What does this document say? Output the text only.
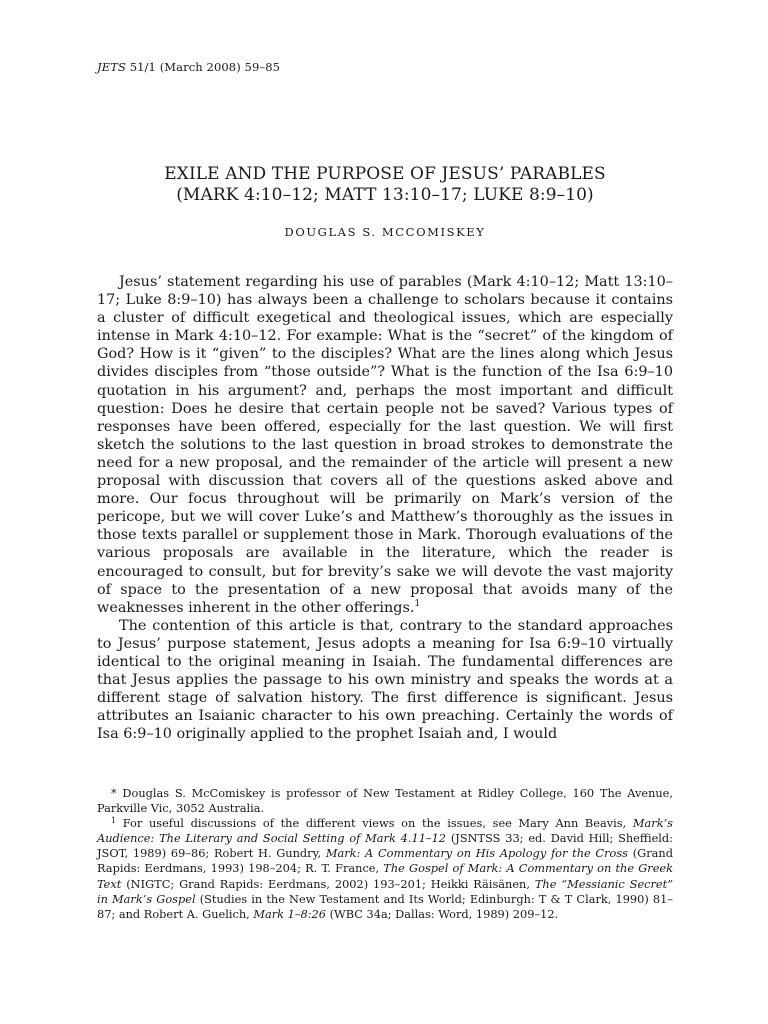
JETS 51/1 (March 2008) 59–85
EXILE AND THE PURPOSE OF JESUS’ PARABLES
(MARK 4:10–12; MATT 13:10–17; LUKE 8:9–10)
DOUGLAS S. MCCOMISKEY

Jesus’ statement regarding his use of parables (Mark 4:10–12; Matt 13:10–17; Luke 8:9–10) has always been a challenge to scholars because it contains a cluster of difficult exegetical and theological issues, which are especially intense in Mark 4:10–12. For example: What is the “secret” of the kingdom of God? How is it “given” to the disciples? What are the lines along which Jesus divides disciples from “those outside”? What is the function of the Isa 6:9–10 quotation in his argument? and, perhaps the most important and difficult question: Does he desire that certain people not be saved? Various types of responses have been offered, especially for the last question. We will first sketch the solutions to the last question in broad strokes to demonstrate the need for a new proposal, and the remainder of the article will present a new proposal with discussion that covers all of the questions asked above and more. Our focus throughout will be primarily on Mark’s version of the pericope, but we will cover Luke’s and Matthew’s thoroughly as the issues in those texts parallel or supplement those in Mark. Thorough evaluations of the various proposals are available in the literature, which the reader is encouraged to consult, but for brevity’s sake we will devote the vast majority of space to the presentation of a new proposal that avoids many of the weaknesses inherent in the other offerings.$^1$

The contention of this article is that, contrary to the standard approaches to Jesus’ purpose statement, Jesus adopts a meaning for Isa 6:9–10 virtually identical to the original meaning in Isaiah. The fundamental differences are that Jesus applies the passage to his own ministry and speaks the words at a different stage of salvation history. The first difference is significant. Jesus attributes an Isaianic character to his own preaching. Certainly the words of Isa 6:9–10 originally applied to the prophet Isaiah and, I would

* Douglas S. McComiskey is professor of New Testament at Ridley College, 160 The Avenue, Parkville Vic, 3052 Australia.

$^1$ For useful discussions of the different views on the issues, see Mary Ann Beavis, Mark’s Audience: The Literary and Social Setting of Mark 4.11–12 (JSNTSS 33; ed. David Hill; Sheffield: JSOT, 1989) 69–86; Robert H. Gundry, Mark: A Commentary on His Apology for the Cross (Grand Rapids: Eerdmans, 1993) 198–204; R. T. France, The Gospel of Mark: A Commentary on the Greek Text (NIGTC; Grand Rapids: Eerdmans, 2002) 193–201; Heikki Räisänen, The “Messianic Secret” in Mark’s Gospel (Studies in the New Testament and Its World; Edinburgh: T & T Clark, 1990) 81–87; and Robert A. Guelich, Mark 1–8:26 (WBC 34a; Dallas: Word, 1989) 209–12.
